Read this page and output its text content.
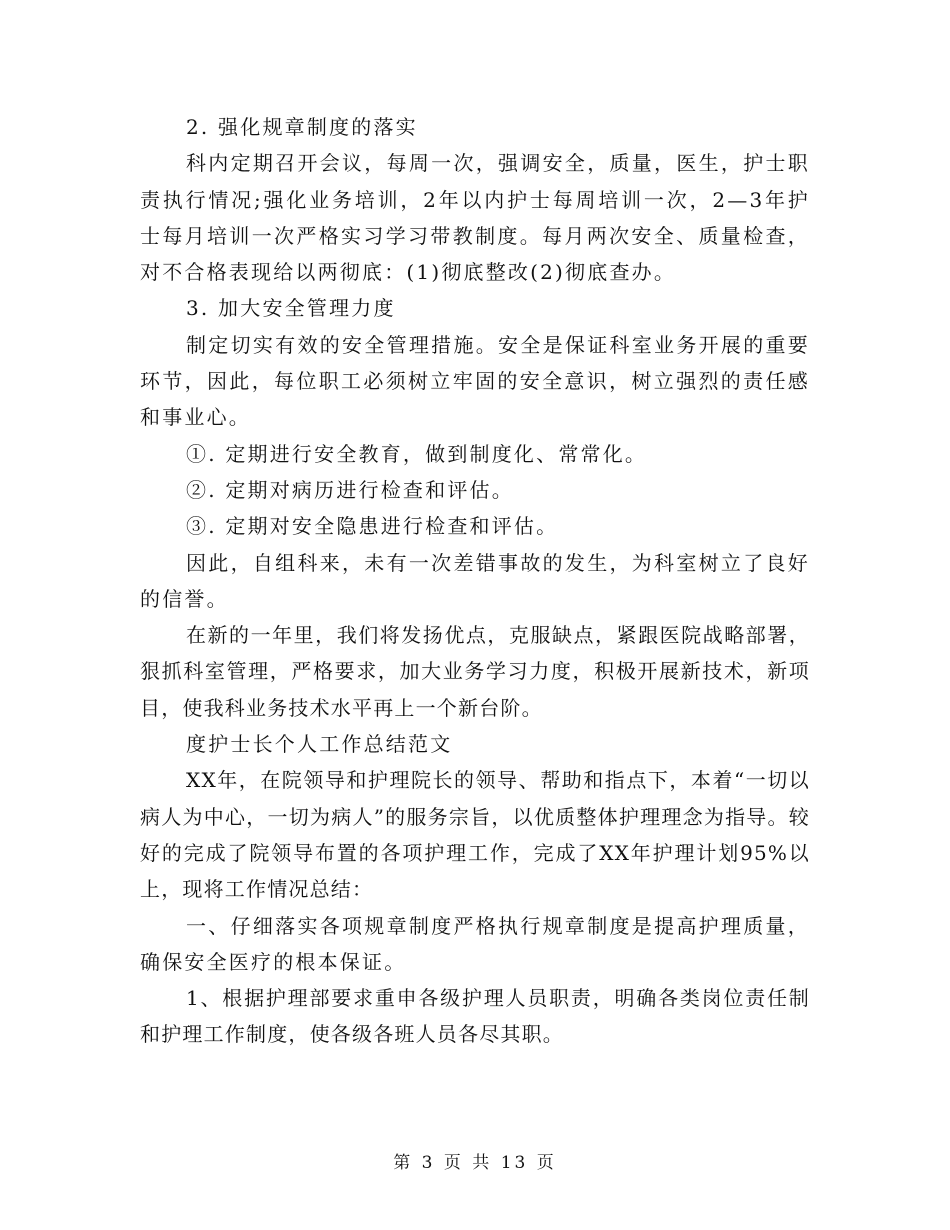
2. 强化规章制度的落实

科内定期召开会议，每周一次，强调安全，质量，医生，护士职责执行情况;强化业务培训，2年以内护士每周培训一次，2—3年护士每月培训一次严格实习学习带教制度。每月两次安全、质量检查，对不合格表现给以两彻底：(1)彻底整改(2)彻底查办。

3. 加大安全管理力度

制定切实有效的安全管理措施。安全是保证科室业务开展的重要环节，因此，每位职工必须树立牢固的安全意识，树立强烈的责任感和事业心。

①. 定期进行安全教育，做到制度化、常常化。

②. 定期对病历进行检查和评估。

③. 定期对安全隐患进行检查和评估。

因此，自组科来，未有一次差错事故的发生，为科室树立了良好的信誉。

在新的一年里，我们将发扬优点，克服缺点，紧跟医院战略部署，狠抓科室管理，严格要求，加大业务学习力度，积极开展新技术，新项目，使我科业务技术水平再上一个新台阶。

度护士长个人工作总结范文

XX年，在院领导和护理院长的领导、帮助和指点下，本着“一切以病人为中心，一切为病人”的服务宗旨，以优质整体护理理念为指导。较好的完成了院领导布置的各项护理工作，完成了XX年护理计划95%以上，现将工作情况总结：

一、仔细落实各项规章制度严格执行规章制度是提高护理质量，确保安全医疗的根本保证。

1、根据护理部要求重申各级护理人员职责，明确各类岗位责任制和护理工作制度，使各级各班人员各尽其职。

第 3 页 共 13 页
